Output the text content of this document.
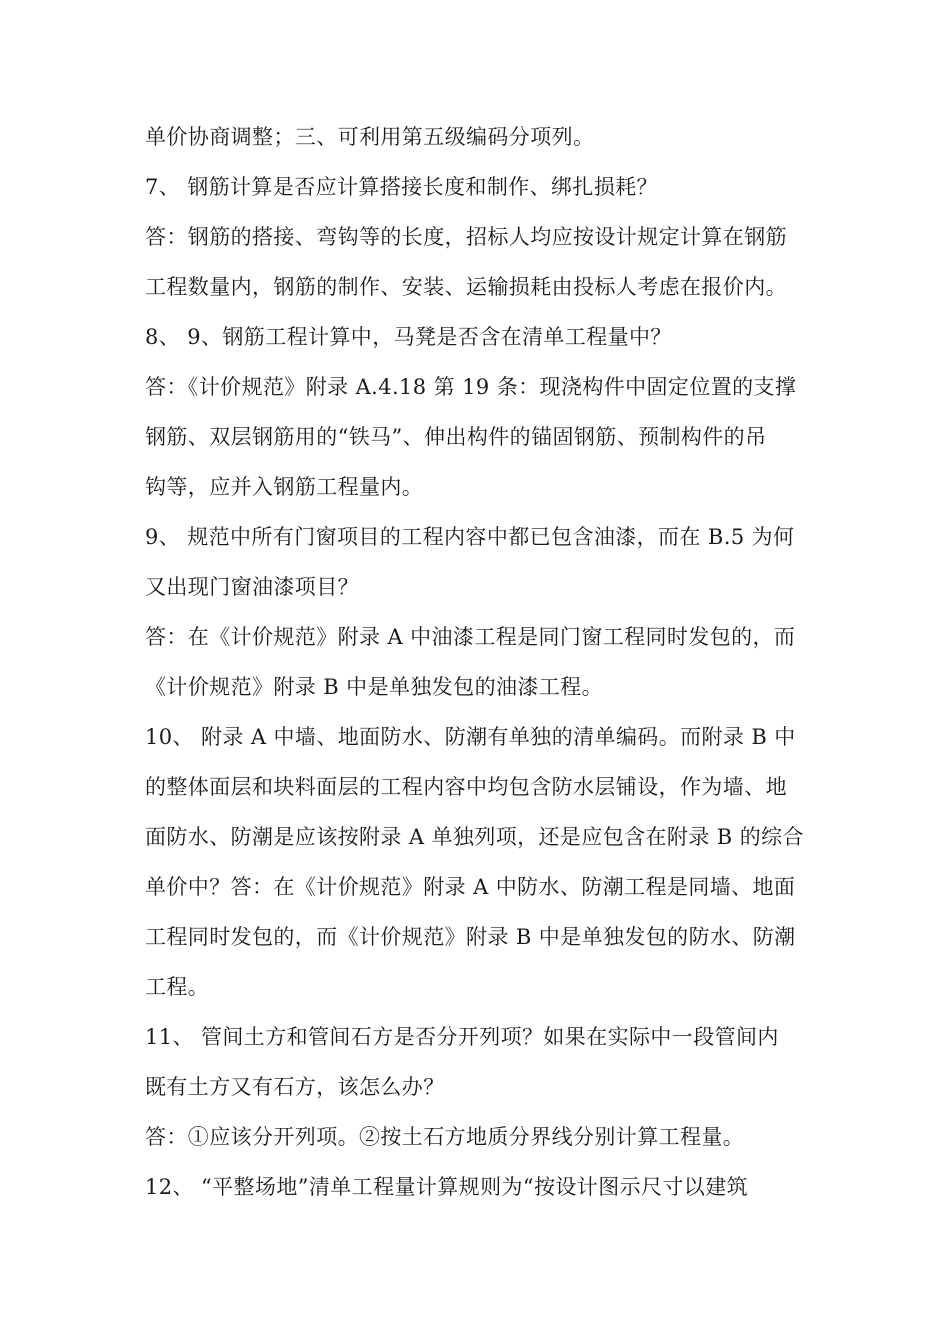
单价协商调整；三、可利用第五级编码分项列。
7、 钢筋计算是否应计算搭接长度和制作、绑扎损耗？
答：钢筋的搭接、弯钩等的长度，招标人均应按设计规定计算在钢筋
工程数量内，钢筋的制作、安装、运输损耗由投标人考虑在报价内。
8、 9、钢筋工程计算中，马凳是否含在清单工程量中？
答：《计价规范》附录 A.4.18 第 19 条：现浇构件中固定位置的支撑
钢筋、双层钢筋用的“铁马”、伸出构件的锚固钢筋、预制构件的吊
钩等，应并入钢筋工程量内。
9、 规范中所有门窗项目的工程内容中都已包含油漆，而在 B.5 为何
又出现门窗油漆项目？
答：在《计价规范》附录 A 中油漆工程是同门窗工程同时发包的，而
《计价规范》附录 B 中是单独发包的油漆工程。
10、 附录 A 中墙、地面防水、防潮有单独的清单编码。而附录 B 中
的整体面层和块料面层的工程内容中均包含防水层铺设，作为墙、地
面防水、防潮是应该按附录 A 单独列项，还是应包含在附录 B 的综合
单价中？答：在《计价规范》附录 A 中防水、防潮工程是同墙、地面
工程同时发包的，而《计价规范》附录 B 中是单独发包的防水、防潮
工程。
11、 管间土方和管间石方是否分开列项？如果在实际中一段管间内
既有土方又有石方，该怎么办？
答：①应该分开列项。②按土石方地质分界线分别计算工程量。
12、 “平整场地”清单工程量计算规则为“按设计图示尺寸以建筑
